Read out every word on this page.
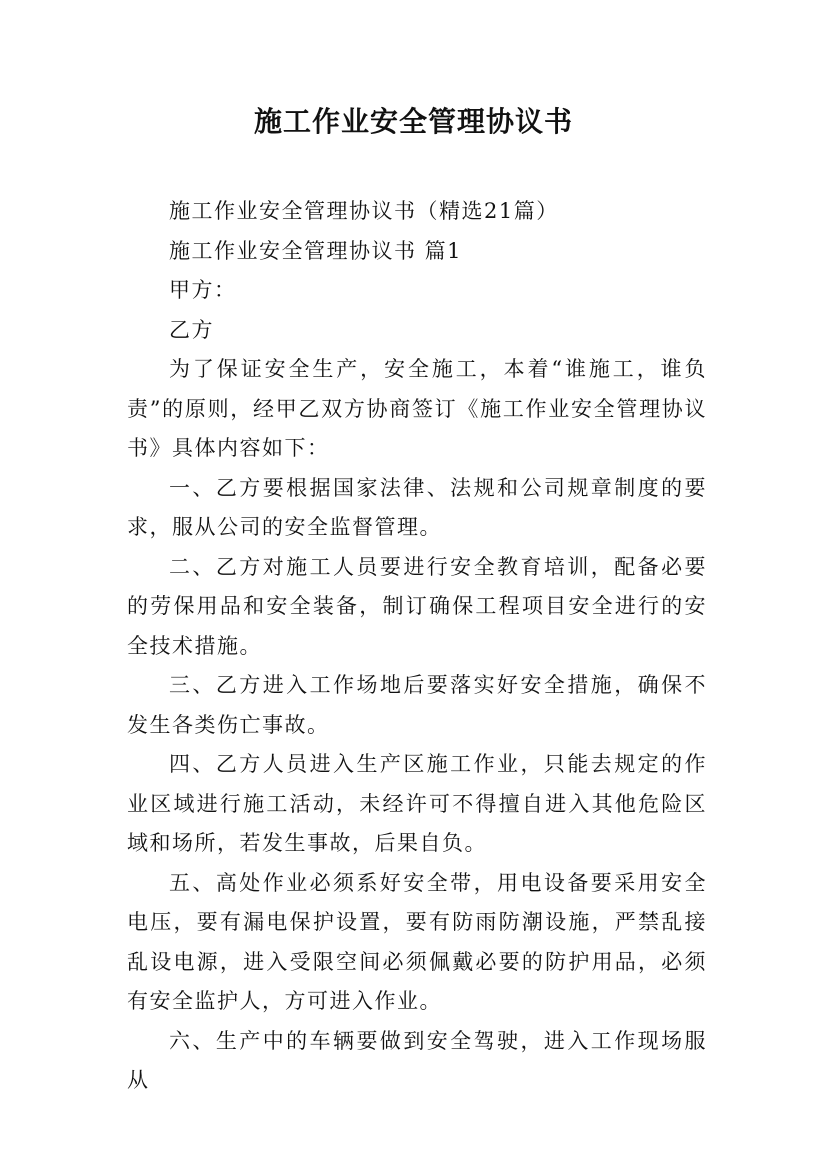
施工作业安全管理协议书

施工作业安全管理协议书（精选21篇）

施工作业安全管理协议书 篇1

甲方：

乙方

为了保证安全生产，安全施工，本着“谁施工，谁负责”的原则，经甲乙双方协商签订《施工作业安全管理协议书》具体内容如下：

一、乙方要根据国家法律、法规和公司规章制度的要求，服从公司的安全监督管理。

二、乙方对施工人员要进行安全教育培训，配备必要的劳保用品和安全装备，制订确保工程项目安全进行的安全技术措施。

三、乙方进入工作场地后要落实好安全措施，确保不发生各类伤亡事故。

四、乙方人员进入生产区施工作业，只能去规定的作业区域进行施工活动，未经许可不得擅自进入其他危险区域和场所，若发生事故，后果自负。

五、高处作业必须系好安全带，用电设备要采用安全电压，要有漏电保护设置，要有防雨防潮设施，严禁乱接乱设电源，进入受限空间必须佩戴必要的防护用品，必须有安全监护人，方可进入作业。

六、生产中的车辆要做到安全驾驶，进入工作现场服从
